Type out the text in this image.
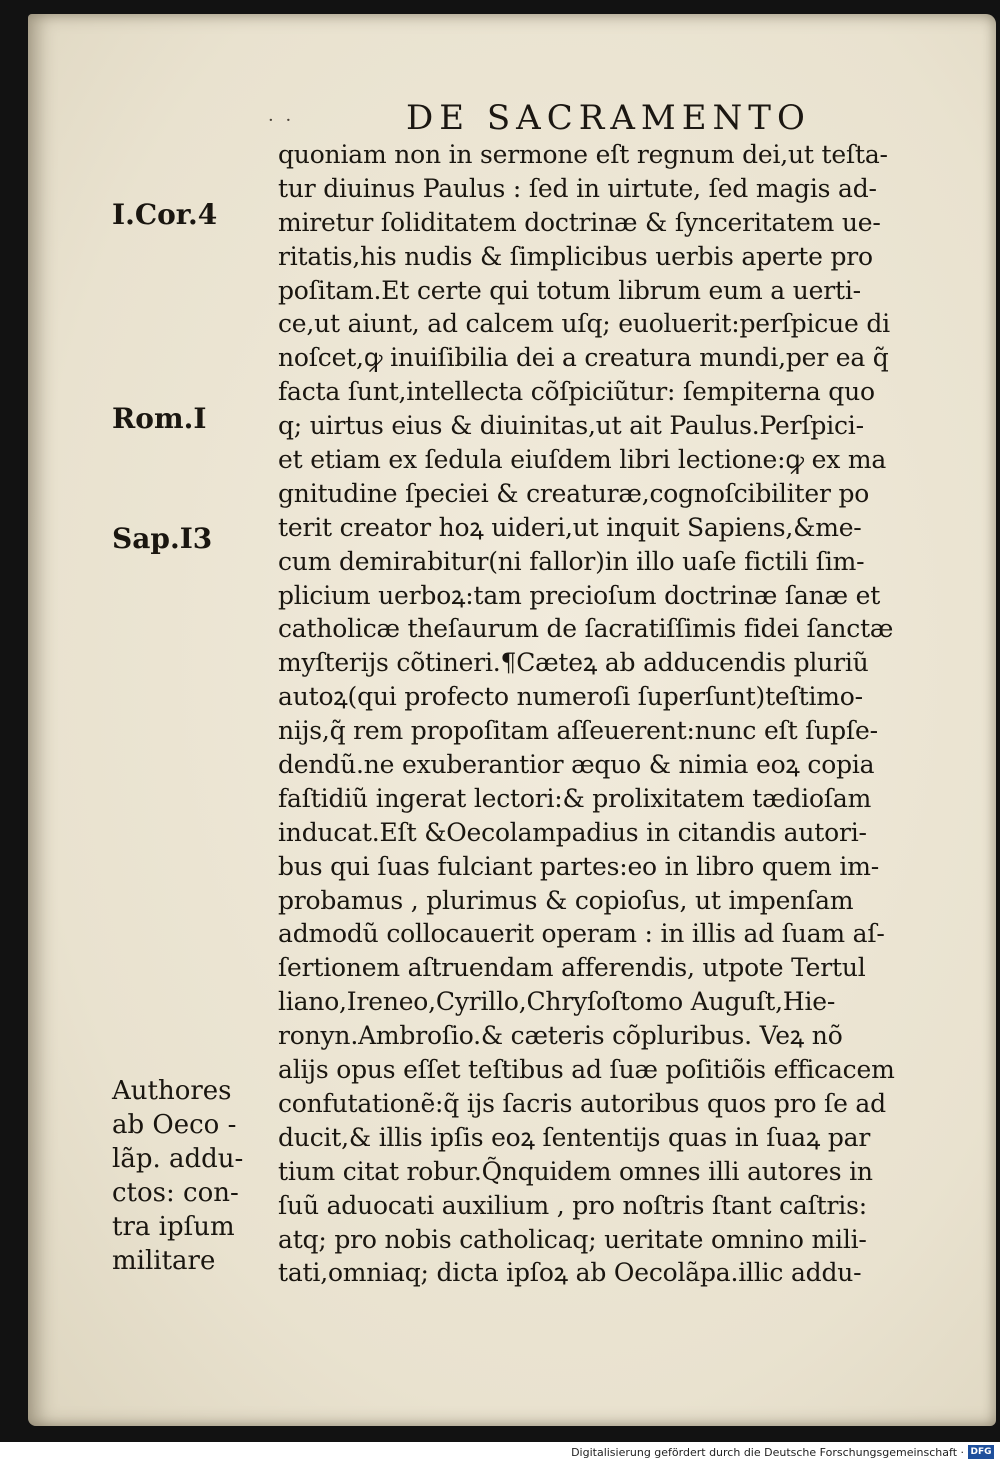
· ·	DE SACRAMENTO
I.Cor.4
Rom.I
Sap.I3
Authores
ab Oeco -
lãp. addu-
ctos: con-
tra ipſum
militare
quoniam non in sermone eſt regnum dei,ut teſta-
tur diuinus Paulus : ſed in uirtute, ſed magis ad-
miretur ſoliditatem doctrinæ & ſynceritatem ue-
ritatis,his nudis & ſimplicibus uerbis aperte pro
poſitam.Et certe qui totum librum eum a uerti-
ce,ut aiunt, ad calcem uſq; euoluerit:perſpicue di
noſcet,ꝙ inuiſibilia dei a creatura mundi,per ea q̃
facta ſunt,intellecta cõſpiciũtur: ſempiterna quo
q; uirtus eius & diuinitas,ut ait Paulus.Perſpici-
et etiam ex ſedula eiuſdem libri lectione:ꝙ ex ma
gnitudine ſpeciei & creaturæ,cognoſcibiliter po
terit creator hoꝝ uideri,ut inquit Sapiens,&me-
cum demirabitur(ni fallor)in illo uaſe fictili ſim-
plicium uerboꝝ:tam precioſum doctrinæ ſanæ et
catholicæ theſaurum de ſacratiſſimis fidei ſanctæ
myſterijs cõtineri.¶Cæteꝝ ab adducendis pluriũ
autoꝝ(qui profecto numeroſi ſuperſunt)teſtimo-
nijs,q̃ rem propoſitam aſſeuerent:nunc eſt ſupſe-
dendũ.ne exuberantior æquo & nimia eoꝝ copia
faſtidiũ ingerat lectori:& prolixitatem tædioſam
inducat.Eſt &Oecolampadius in citandis autori-
bus qui ſuas fulciant partes:eo in libro quem im-
probamus , plurimus & copioſus, ut impenſam
admodũ collocauerit operam : in illis ad ſuam aſ-
ſertionem aſtruendam afferendis, utpote Tertul
liano,Ireneo,Cyrillo,Chryſoſtomo Auguſt,Hie-
ronyn.Ambroſio.& cæteris cõpluribus. Veꝝ nõ
alijs opus eſſet teſtibus ad ſuæ poſitiõis efficacem
confutationẽ:q̃ ijs ſacris autoribus quos pro ſe ad
ducit,& illis ipſis eoꝝ ſententijs quas in ſuaꝝ par
tium citat robur.Q̃nquidem omnes illi autores in
ſuũ aduocati auxilium , pro noſtris ſtant caſtris:
atq; pro nobis catholicaq; ueritate omnino mili-
tati,omniaq; dicta ipſoꝝ ab Oecolãpa.illic addu-
Digitalisierung gefördert durch die Deutsche Forschungsgemeinschaft · DFG
